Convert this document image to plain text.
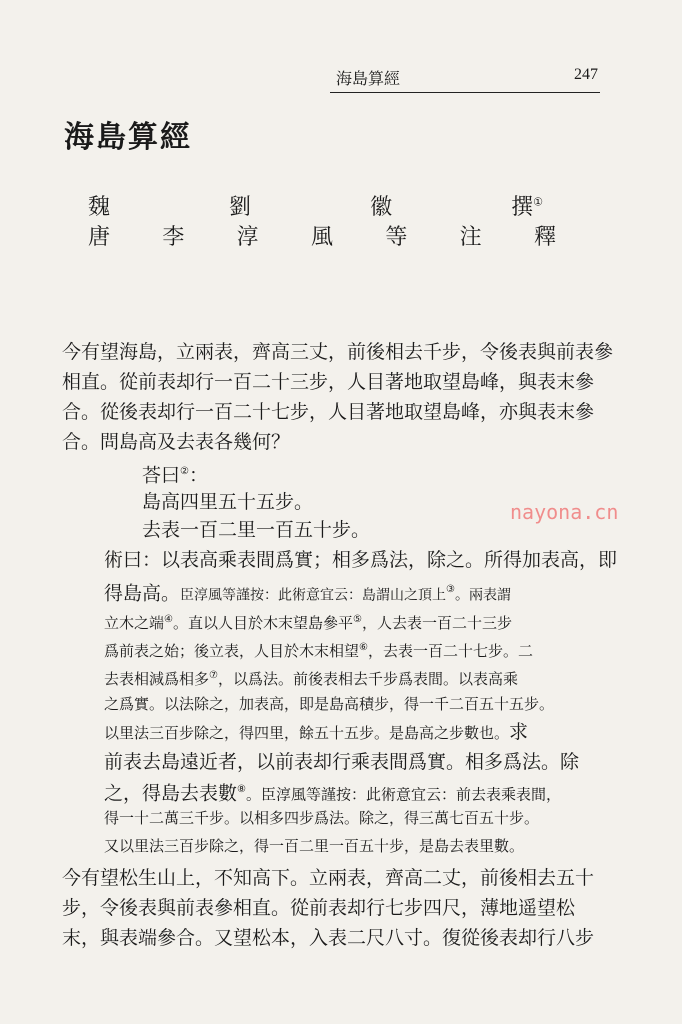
海島算經	247
海島算經
魏	劉	徽	撰①
唐 李 淳 風 等 注 釋
今有望海島，立兩表，齊高三丈，前後相去千步，令後表與前表參
相直。從前表却行一百二十三步，人目著地取望島峰，與表末參
合。從後表却行一百二十七步，人目著地取望島峰，亦與表末參
合。問島高及去表各幾何？
荅曰②：
島高四里五十五步。
去表一百二里一百五十步。
術曰：以表高乘表間爲實；相多爲法，除之。所得加表高，即
得島高。臣淳風等謹按：此術意宜云：島謂山之頂上③。兩表謂
立木之端④。直以人目於木末望島參平⑤，人去表一百二十三步
爲前表之始；後立表，人目於木末相望⑥，去表一百二十七步。二
去表相減爲相多⑦，以爲法。前後表相去千步爲表間。以表高乘
之爲實。以法除之，加表高，即是島高積步，得一千二百五十五步。
以里法三百步除之，得四里，餘五十五步。是島高之步數也。求
前表去島遠近者，以前表却行乘表間爲實。相多爲法。除
之，得島去表數⑧。臣淳風等謹按：此術意宜云：前去表乘表間，
得一十二萬三千步。以相多四步爲法。除之，得三萬七百五十步。
又以里法三百步除之，得一百二里一百五十步，是島去表里數。
今有望松生山上，不知高下。立兩表，齊高二丈，前後相去五十
步，令後表與前表參相直。從前表却行七步四尺，薄地遥望松
末，與表端參合。又望松本，入表二尺八寸。復從後表却行八步
nayona.cn
